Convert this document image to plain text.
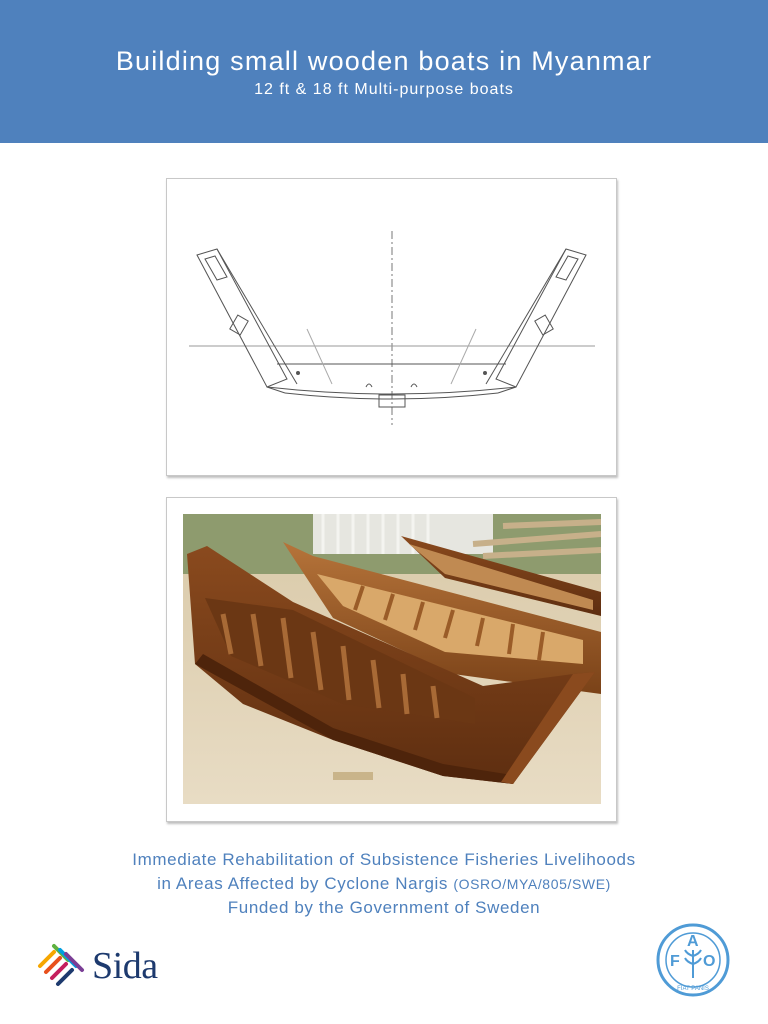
Building small wooden boats in Myanmar
12 ft & 18 ft Multi-purpose boats
Immediate Rehabilitation of Subsistence Fisheries Livelihoods
in Areas Affected by Cyclone Nargis (OSRO/MYA/805/SWE)
Funded by the Government of Sweden
Sida	F
A
O
FIAT PANIS
